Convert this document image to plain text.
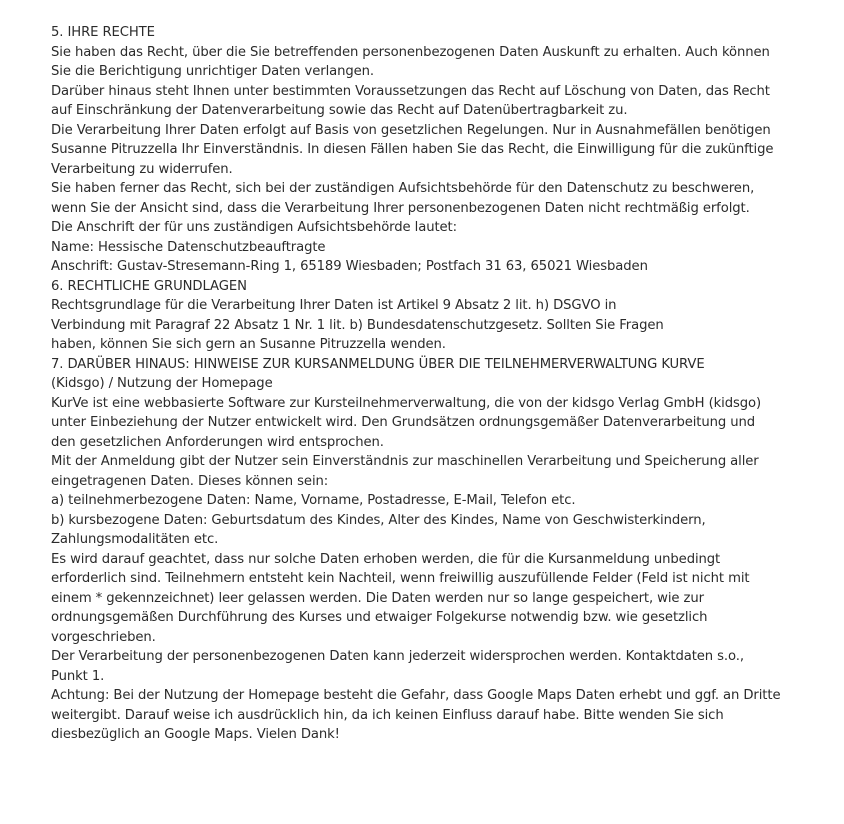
5. IHRE RECHTE
Sie haben das Recht, über die Sie betreffenden personenbezogenen Daten Auskunft zu erhalten. Auch können
Sie die Berichtigung unrichtiger Daten verlangen.
Darüber hinaus steht Ihnen unter bestimmten Voraussetzungen das Recht auf Löschung von Daten, das Recht
auf Einschränkung der Datenverarbeitung sowie das Recht auf Datenübertragbarkeit zu.
Die Verarbeitung Ihrer Daten erfolgt auf Basis von gesetzlichen Regelungen. Nur in Ausnahmefällen benötigen
Susanne Pitruzzella Ihr Einverständnis. In diesen Fällen haben Sie das Recht, die Einwilligung für die zukünftige
Verarbeitung zu widerrufen.
Sie haben ferner das Recht, sich bei der zuständigen Aufsichtsbehörde für den Datenschutz zu beschweren,
wenn Sie der Ansicht sind, dass die Verarbeitung Ihrer personenbezogenen Daten nicht rechtmäßig erfolgt.
Die Anschrift der für uns zuständigen Aufsichtsbehörde lautet:
Name: Hessische Datenschutzbeauftragte
Anschrift: Gustav-Stresemann-Ring 1, 65189 Wiesbaden; Postfach 31 63, 65021 Wiesbaden
6. RECHTLICHE GRUNDLAGEN
Rechtsgrundlage für die Verarbeitung Ihrer Daten ist Artikel 9 Absatz 2 lit. h) DSGVO in
Verbindung mit Paragraf 22 Absatz 1 Nr. 1 lit. b) Bundesdatenschutzgesetz. Sollten Sie Fragen
haben, können Sie sich gern an Susanne Pitruzzella wenden.
7. DARÜBER HINAUS: HINWEISE ZUR KURSANMELDUNG ÜBER DIE TEILNEHMERVERWALTUNG KURVE
(Kidsgo) / Nutzung der Homepage
KurVe ist eine webbasierte Software zur Kursteilnehmerverwaltung, die von der kidsgo Verlag GmbH (kidsgo)
unter Einbeziehung der Nutzer entwickelt wird. Den Grundsätzen ordnungsgemäßer Datenverarbeitung und
den gesetzlichen Anforderungen wird entsprochen.
Mit der Anmeldung gibt der Nutzer sein Einverständnis zur maschinellen Verarbeitung und Speicherung aller
eingetragenen Daten. Dieses können sein:
a) teilnehmerbezogene Daten: Name, Vorname, Postadresse, E-Mail, Telefon etc.
b) kursbezogene Daten: Geburtsdatum des Kindes, Alter des Kindes, Name von Geschwisterkindern,
Zahlungsmodalitäten etc.
Es wird darauf geachtet, dass nur solche Daten erhoben werden, die für die Kursanmeldung unbedingt
erforderlich sind. Teilnehmern entsteht kein Nachteil, wenn freiwillig auszufüllende Felder (Feld ist nicht mit
einem * gekennzeichnet) leer gelassen werden. Die Daten werden nur so lange gespeichert, wie zur
ordnungsgemäßen Durchführung des Kurses und etwaiger Folgekurse notwendig bzw. wie gesetzlich
vorgeschrieben.
Der Verarbeitung der personenbezogenen Daten kann jederzeit widersprochen werden. Kontaktdaten s.o.,
Punkt 1.
Achtung: Bei der Nutzung der Homepage besteht die Gefahr, dass Google Maps Daten erhebt und ggf. an Dritte
weitergibt. Darauf weise ich ausdrücklich hin, da ich keinen Einfluss darauf habe. Bitte wenden Sie sich
diesbezüglich an Google Maps. Vielen Dank!
